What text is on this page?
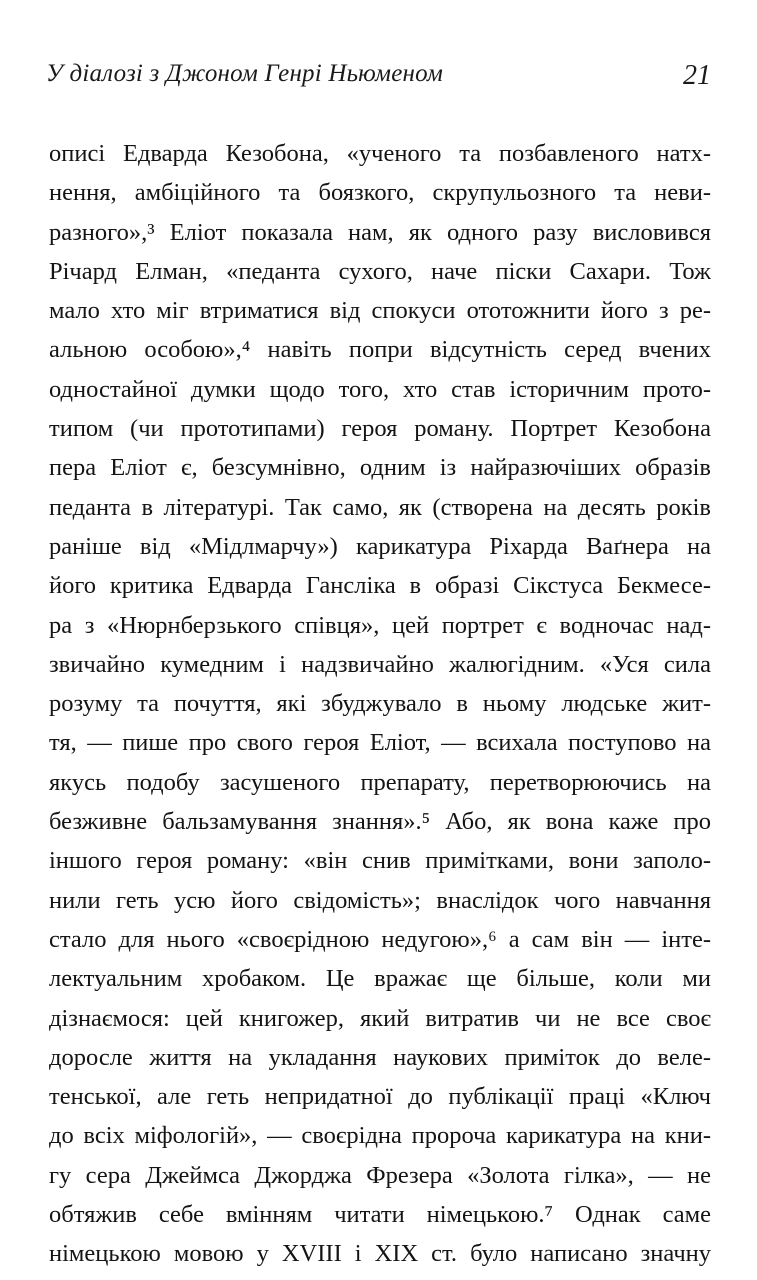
У діалозі з Джоном Генрі Ньюменом	21
описі Едварда Кезобона, «ученого та позбавленого натх-
нення, амбіційного та боязкого, скрупульозного та неви-
разного»,³ Еліот показала нам, як одного разу висловився
Річард Елман, «педанта сухого, наче піски Сахари. Тож
мало хто міг втриматися від спокуси ототожнити його з ре-
альною особою»,⁴ навіть попри відсутність серед вчених
одностайної думки щодо того, хто став історичним прото-
типом (чи прототипами) героя роману. Портрет Кезобона
пера Еліот є, безсумнівно, одним із найразючіших образів
педанта в літературі. Так само, як (створена на десять років
раніше від «Мідлмарчу») карикатура Ріхарда Ваґнера на
його критика Едварда Гансліка в образі Сікстуса Бекмесе-
ра з «Нюрнберзького співця», цей портрет є водночас над-
звичайно кумедним і надзвичайно жалюгідним. «Уся сила
розуму та почуття, які збуджувало в ньому людське жит-
тя, — пише про свого героя Еліот, — всихала поступово на
якусь подобу засушеного препарату, перетворюючись на
безживне бальзамування знання».⁵ Або, як вона каже про
іншого героя роману: «він снив примітками, вони заполо-
нили геть усю його свідомість»; внаслідок чого навчання
стало для нього «своєрідною недугою»,⁶ а сам він — інте-
лектуальним хробаком. Це вражає ще більше, коли ми
дізнаємося: цей книгожер, який витратив чи не все своє
доросле життя на укладання наукових приміток до веле-
тенської, але геть непридатної до публікації праці «Ключ
до всіх міфологій», — своєрідна пророча карикатура на кни-
гу сера Джеймса Джорджа Фрезера «Золота гілка», — не
обтяжив себе вмінням читати німецькою.⁷ Однак саме
німецькою мовою у XVIII і XIX ст. було написано значну
